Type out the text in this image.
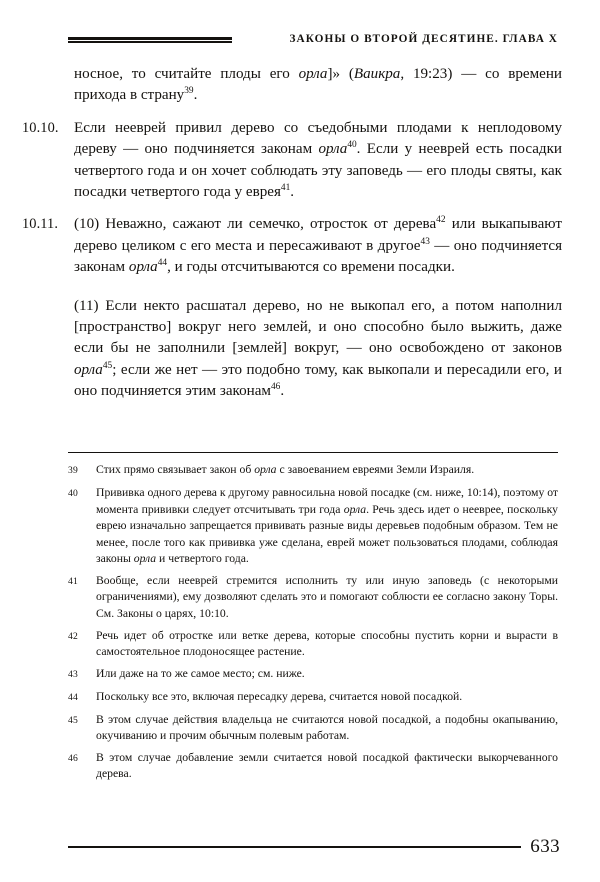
ЗАКОНЫ О ВТОРОЙ ДЕСЯТИНЕ. ГЛАВА X
носное, то считайте плоды его орла]» (Ваикра, 19:23) — со времени прихода в страну$^{39}$.
10.10.	Если нееврей привил дерево со съедобными плодами к неплодовому дереву — оно подчиняется законам орла$^{40}$. Если у нееврей есть посадки четвертого года и он хочет соблюдать эту заповедь — его плоды святы, как посадки четвертого года у еврея$^{41}$.
10.11.	(10) Неважно, сажают ли семечко, отросток от дерева$^{42}$ или выкапывают дерево целиком с его места и пересаживают в другое$^{43}$ — оно подчиняется законам орла$^{44}$, и годы отсчитываются со времени посадки.
(11) Если некто расшатал дерево, но не выкопал его, а потом наполнил [пространство] вокруг него землей, и оно способно было выжить, даже если бы не заполнили [землей] вокруг, — оно освобождено от законов орла$^{45}$; если же нет — это подобно тому, как выкопали и пересадили его, и оно подчиняется этим законам$^{46}$.
39	Стих прямо связывает закон об орла с завоеванием евреями Земли Израиля.
40	Прививка одного дерева к другому равносильна новой посадке (см. ниже, 10:14), поэтому от момента прививки следует отсчитывать три года орла. Речь здесь идет о нееврее, поскольку еврею изначально запрещается прививать разные виды деревьев подобным образом. Тем не менее, после того как прививка уже сделана, еврей может пользоваться плодами, соблюдая законы орла и четвертого года.
41	Вообще, если нееврей стремится исполнить ту или иную заповедь (с некоторыми ограничениями), ему дозволяют сделать это и помогают соблюсти ее согласно закону Торы. См. Законы о царях, 10:10.
42	Речь идет об отростке или ветке дерева, которые способны пустить корни и вырасти в самостоятельное плодоносящее растение.
43	Или даже на то же самое место; см. ниже.
44	Поскольку все это, включая пересадку дерева, считается новой посадкой.
45	В этом случае действия владельца не считаются новой посадкой, а подобны окапыванию, окучиванию и прочим обычным полевым работам.
46	В этом случае добавление земли считается новой посадкой фактически выкорчеванного дерева.
633
